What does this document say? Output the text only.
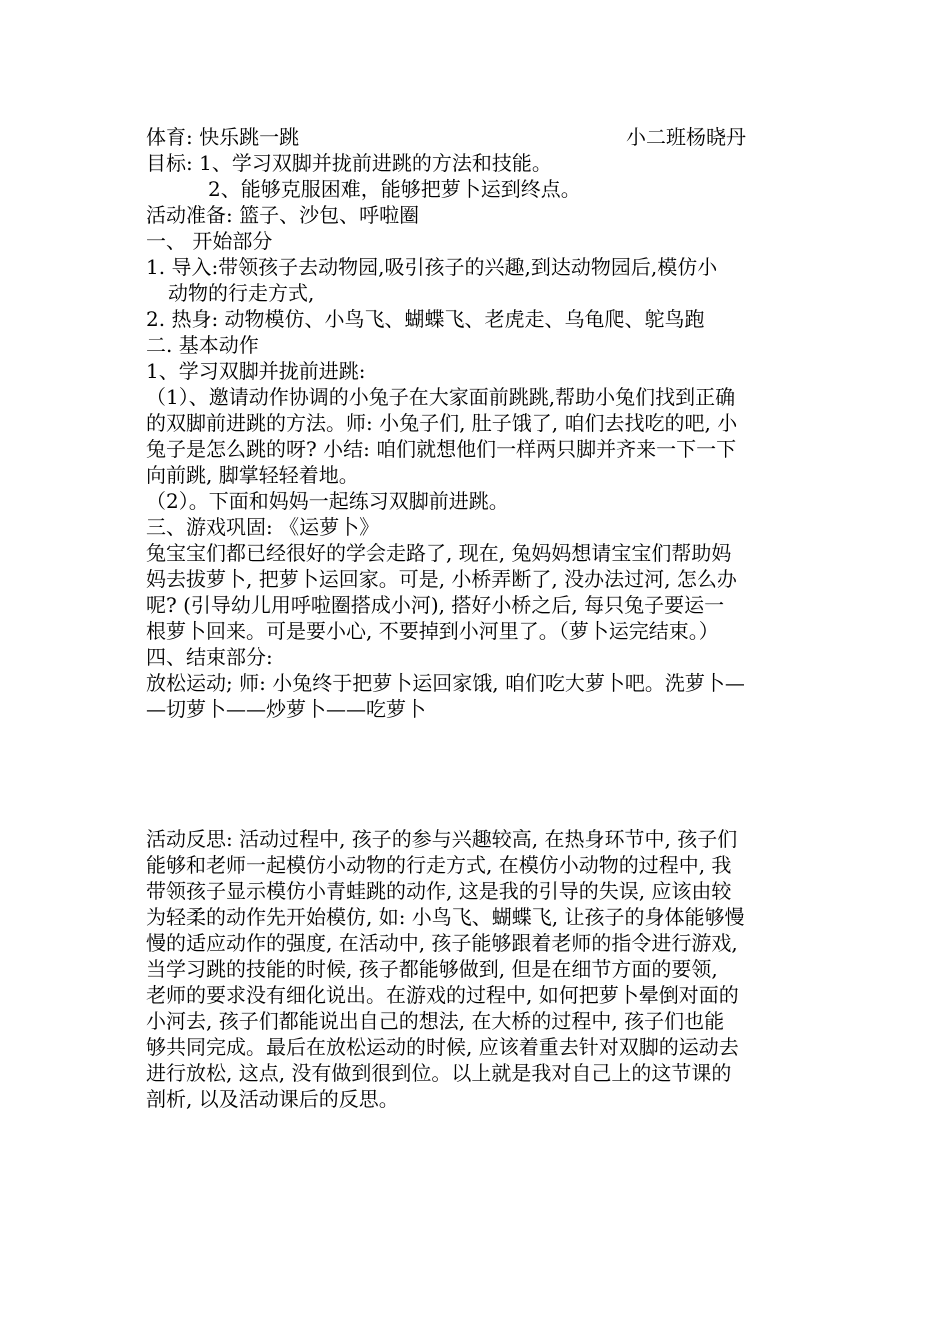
体育: 快乐跳一跳	小二班杨晓丹
目标: 1、学习双脚并拢前进跳的方法和技能。
2、能够克服困难，能够把萝卜运到终点。
活动准备: 篮子、沙包、呼啦圈
一、 开始部分
1. 导入:带领孩子去动物园,吸引孩子的兴趣,到达动物园后,模仿小
动物的行走方式,
2. 热身: 动物模仿、小鸟飞、蝴蝶飞、老虎走、乌龟爬、鸵鸟跑
二. 基本动作
1、学习双脚并拢前进跳:
（1）、邀请动作协调的小兔子在大家面前跳跳,帮助小兔们找到正确
的双脚前进跳的方法。师: 小兔子们, 肚子饿了, 咱们去找吃的吧, 小
兔子是怎么跳的呀? 小结: 咱们就想他们一样两只脚并齐来一下一下
向前跳, 脚掌轻轻着地。
（2）。下面和妈妈一起练习双脚前进跳。
三、游戏巩固: 《运萝卜》
兔宝宝们都已经很好的学会走路了, 现在, 兔妈妈想请宝宝们帮助妈
妈去拔萝卜, 把萝卜运回家。可是, 小桥弄断了, 没办法过河, 怎么办
呢? (引导幼儿用呼啦圈搭成小河), 搭好小桥之后, 每只兔子要运一
根萝卜回来。可是要小心, 不要掉到小河里了。（萝卜运完结束。）
四、结束部分:
放松运动; 师: 小兔终于把萝卜运回家饿, 咱们吃大萝卜吧。洗萝卜—
—切萝卜——炒萝卜——吃萝卜
活动反思: 活动过程中, 孩子的参与兴趣较高, 在热身环节中, 孩子们
能够和老师一起模仿小动物的行走方式, 在模仿小动物的过程中, 我
带领孩子显示模仿小青蛙跳的动作, 这是我的引导的失误, 应该由较
为轻柔的动作先开始模仿, 如: 小鸟飞、蝴蝶飞, 让孩子的身体能够慢
慢的适应动作的强度, 在活动中, 孩子能够跟着老师的指令进行游戏,
当学习跳的技能的时候, 孩子都能够做到, 但是在细节方面的要领,
老师的要求没有细化说出。在游戏的过程中, 如何把萝卜晕倒对面的
小河去, 孩子们都能说出自己的想法, 在大桥的过程中, 孩子们也能
够共同完成。最后在放松运动的时候, 应该着重去针对双脚的运动去
进行放松, 这点, 没有做到很到位。以上就是我对自己上的这节课的
剖析, 以及活动课后的反思。
